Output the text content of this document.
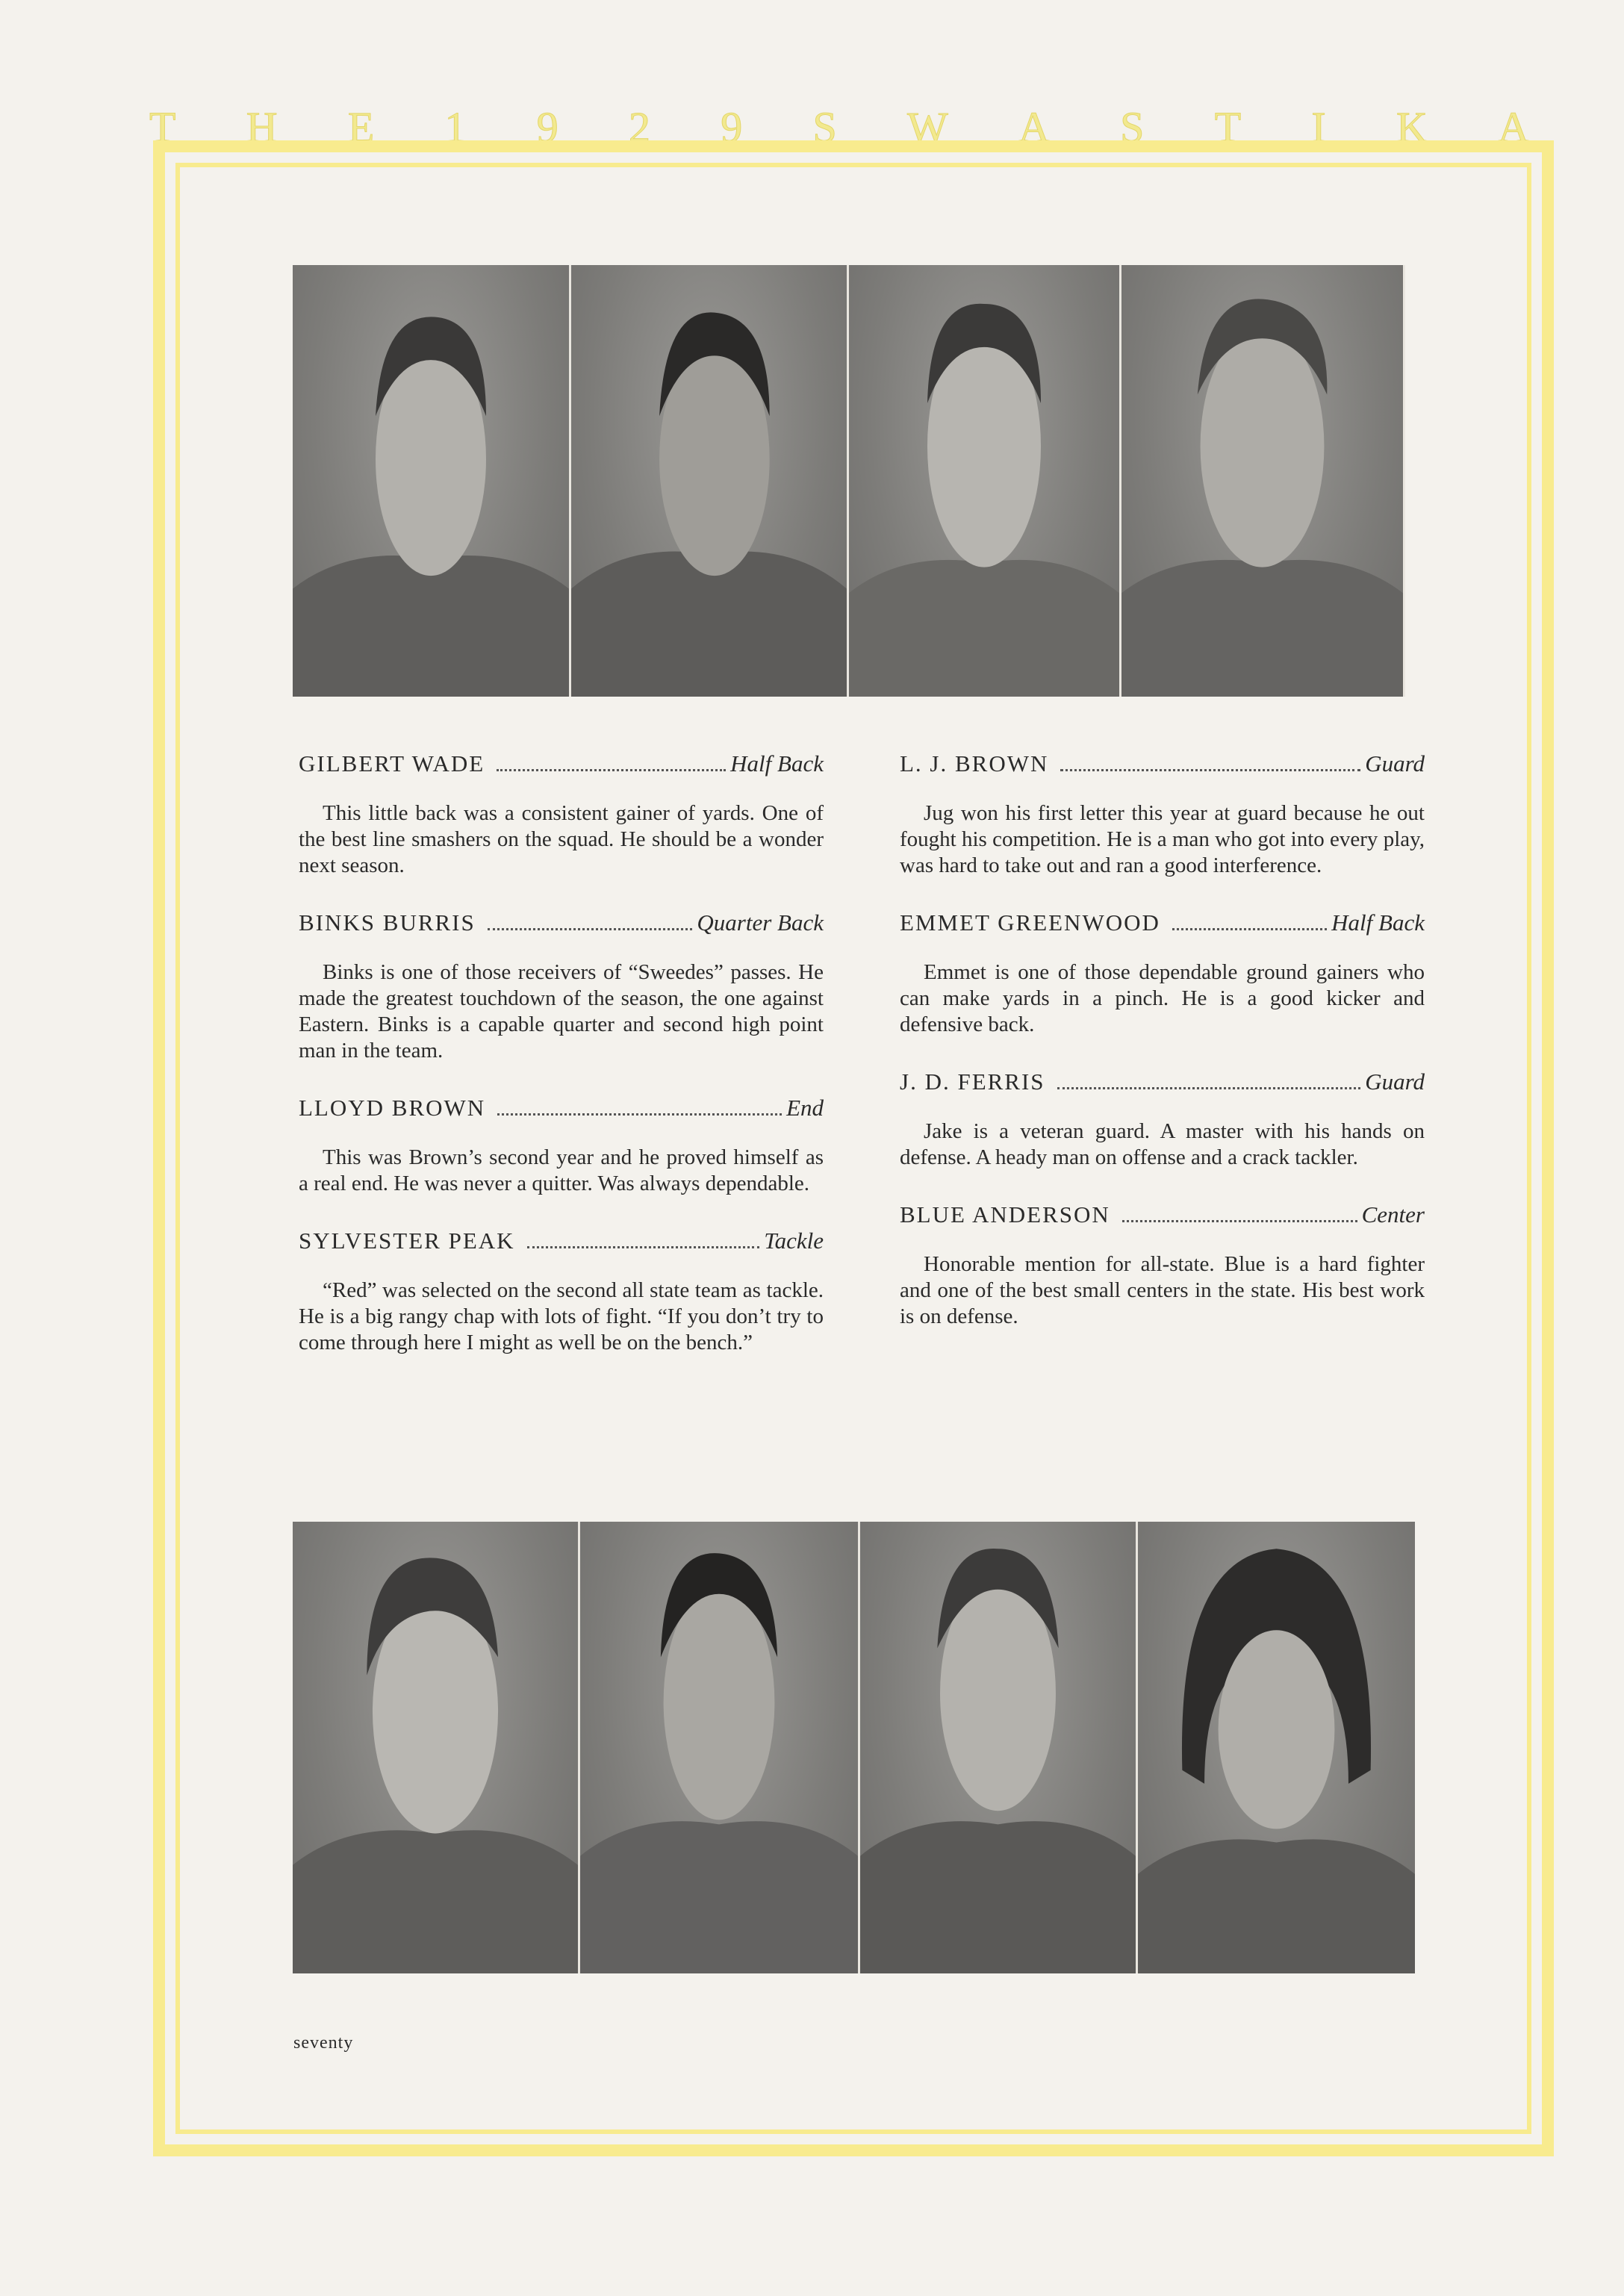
T H E 1 9 2 9 S W A S T I K A
GILBERT WADE	Half Back
This little back was a consistent gainer of yards. One of the best line smashers on the squad. He should be a wonder next season.
BINKS BURRIS	Quarter Back
Binks is one of those receivers of “Sweedes” passes. He made the greatest touchdown of the season, the one against Eastern. Binks is a capable quarter and second high point man in the team.
LLOYD BROWN	End
This was Brown’s second year and he proved himself as a real end. He was never a quitter. Was always dependable.
SYLVESTER PEAK	Tackle
“Red” was selected on the second all state team as tackle. He is a big rangy chap with lots of fight. “If you don’t try to come through here I might as well be on the bench.”
L. J. BROWN	Guard
Jug won his first letter this year at guard because he out fought his competition. He is a man who got into every play, was hard to take out and ran a good interference.
EMMET GREENWOOD	Half Back
Emmet is one of those dependable ground gainers who can make yards in a pinch. He is a good kicker and defensive back.
J. D. FERRIS	Guard
Jake is a veteran guard. A master with his hands on defense. A heady man on offense and a crack tackler.
BLUE ANDERSON	Center
Honorable mention for all-state. Blue is a hard fighter and one of the best small centers in the state. His best work is on defense.
seventy
